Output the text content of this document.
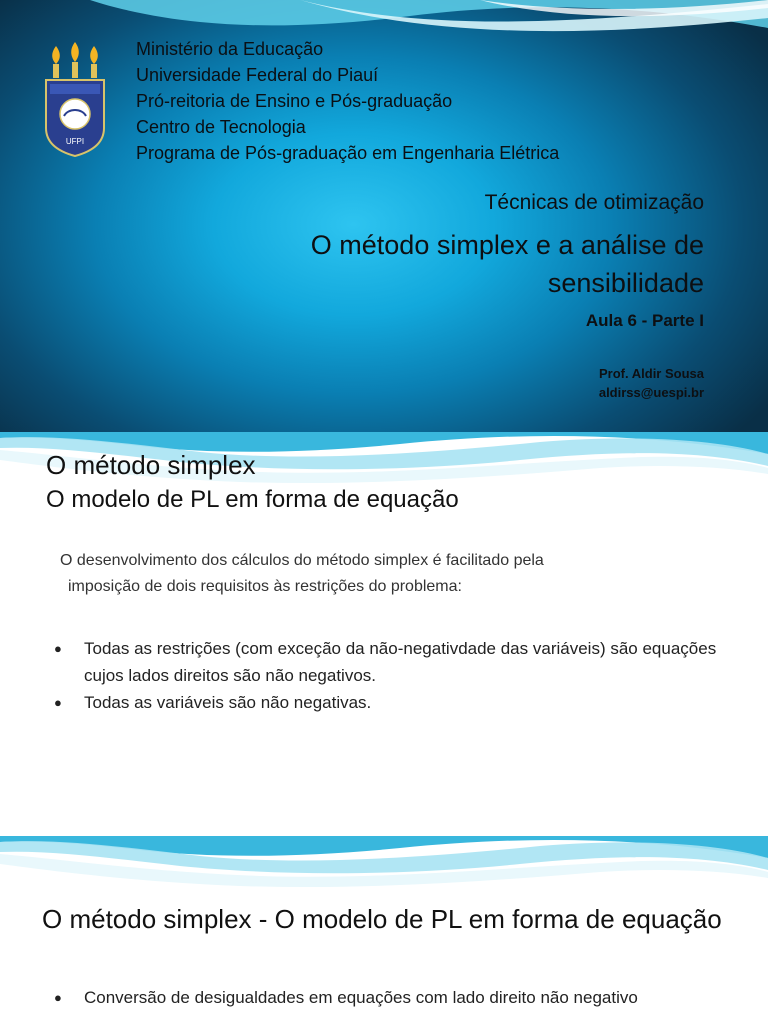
UFPI
Ministério da Educação
Universidade Federal do Piauí
Pró-reitoria de Ensino e Pós-graduação
Centro de Tecnologia
Programa de Pós-graduação em Engenharia Elétrica
Técnicas de otimização
O método simplex e a análise de
sensibilidade
Aula 6 - Parte I
Prof. Aldir Sousa
aldirss@uespi.br
O método simplex
O modelo de PL em forma de equação
O desenvolvimento dos cálculos do método simplex é facilitado pela
imposição de dois requisitos às restrições do problema:
● Todas as restrições (com exceção da não-negativdade das variáveis) são equações cujos lados direitos são não negativos.
● Todas as variáveis são não negativas.
O método simplex - O modelo de PL em forma de equação
● Conversão de desigualdades em equações com lado direito não negativo
